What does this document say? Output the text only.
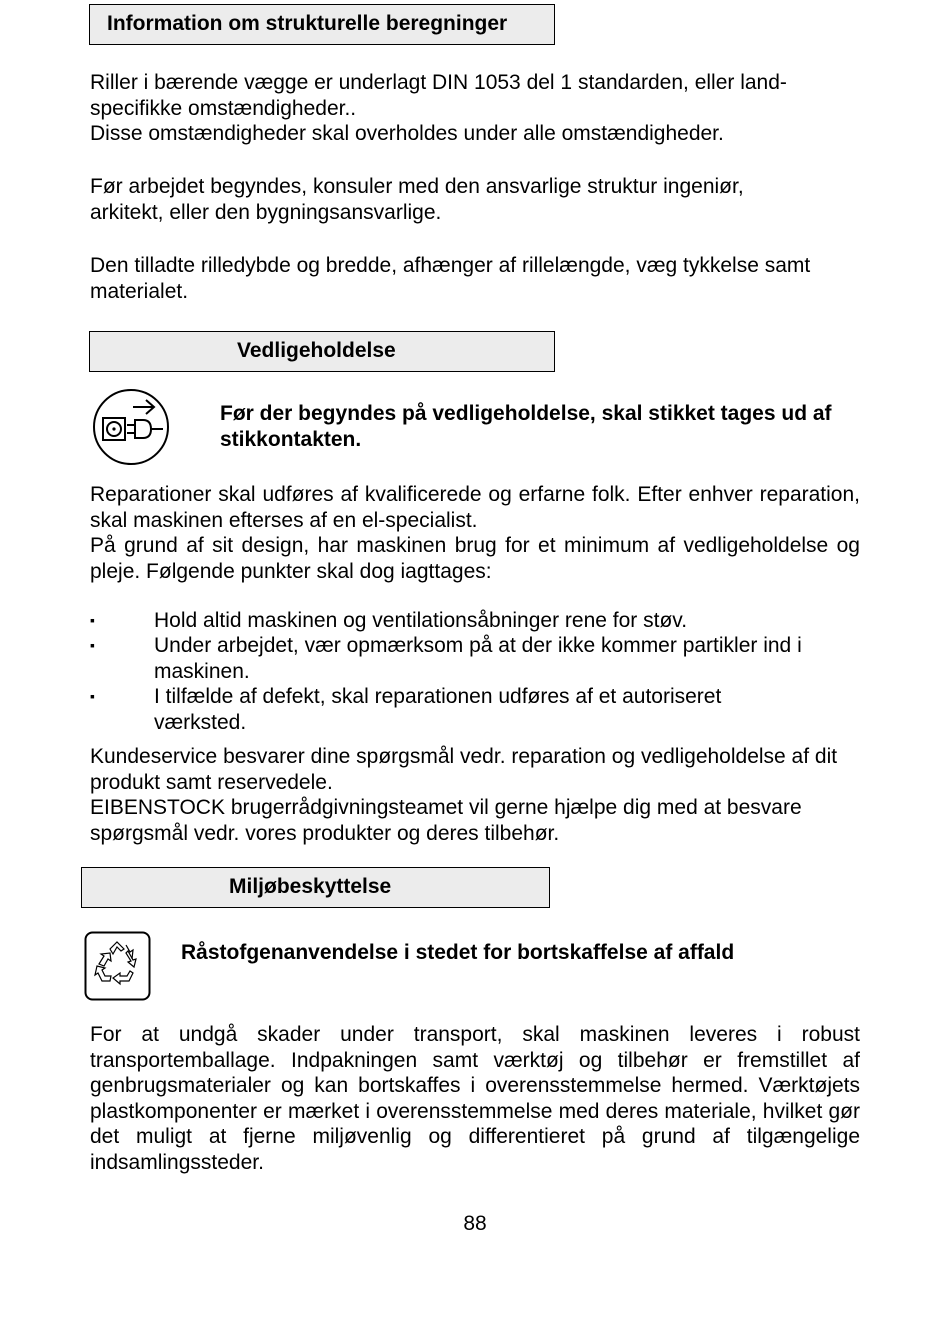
Information om strukturelle beregninger

Riller i bærende vægge er underlagt DIN 1053 del 1 standarden, eller land-specifikke omstændigheder..
Disse omstændigheder skal overholdes under alle omstændigheder.

Før arbejdet begyndes, konsuler med den ansvarlige struktur ingeniør, arkitekt, eller den bygningsansvarlige.

Den tilladte rilledybde og bredde, afhænger af rillelængde, væg tykkelse samt materialet.

Vedligeholdelse

Før der begyndes på vedligeholdelse, skal stikket tages ud af stikkontakten.

Reparationer skal udføres af kvalificerede og erfarne folk. Efter enhver reparation, skal maskinen efterses af en el-specialist.
På grund af sit design, har maskinen brug for et minimum af vedligeholdelse og pleje. Følgende punkter skal dog iagttages:

▪	Hold altid maskinen og ventilationsåbninger rene for støv.

▪	Under arbejdet, vær opmærksom på at der ikke kommer partikler ind i maskinen.

▪	I tilfælde af defekt, skal reparationen udføres af et autoriseret værksted.

Kundeservice besvarer dine spørgsmål vedr. reparation og vedligeholdelse af dit produkt samt reservedele.
EIBENSTOCK brugerrådgivningsteamet vil gerne hjælpe dig med at besvare spørgsmål vedr. vores produkter og deres tilbehør.

Miljøbeskyttelse

Råstofgenanvendelse i stedet for bortskaffelse af affald

For at undgå skader under transport, skal maskinen leveres i robust transportemballage. Indpakningen samt værktøj og tilbehør er fremstillet af genbrugsmaterialer og kan bortskaffes i overensstemmelse hermed. Værktøjets plastkomponenter er mærket i overensstemmelse med deres materiale, hvilket gør det muligt at fjerne miljøvenlig og differentieret på grund af tilgængelige indsamlingssteder.

88
